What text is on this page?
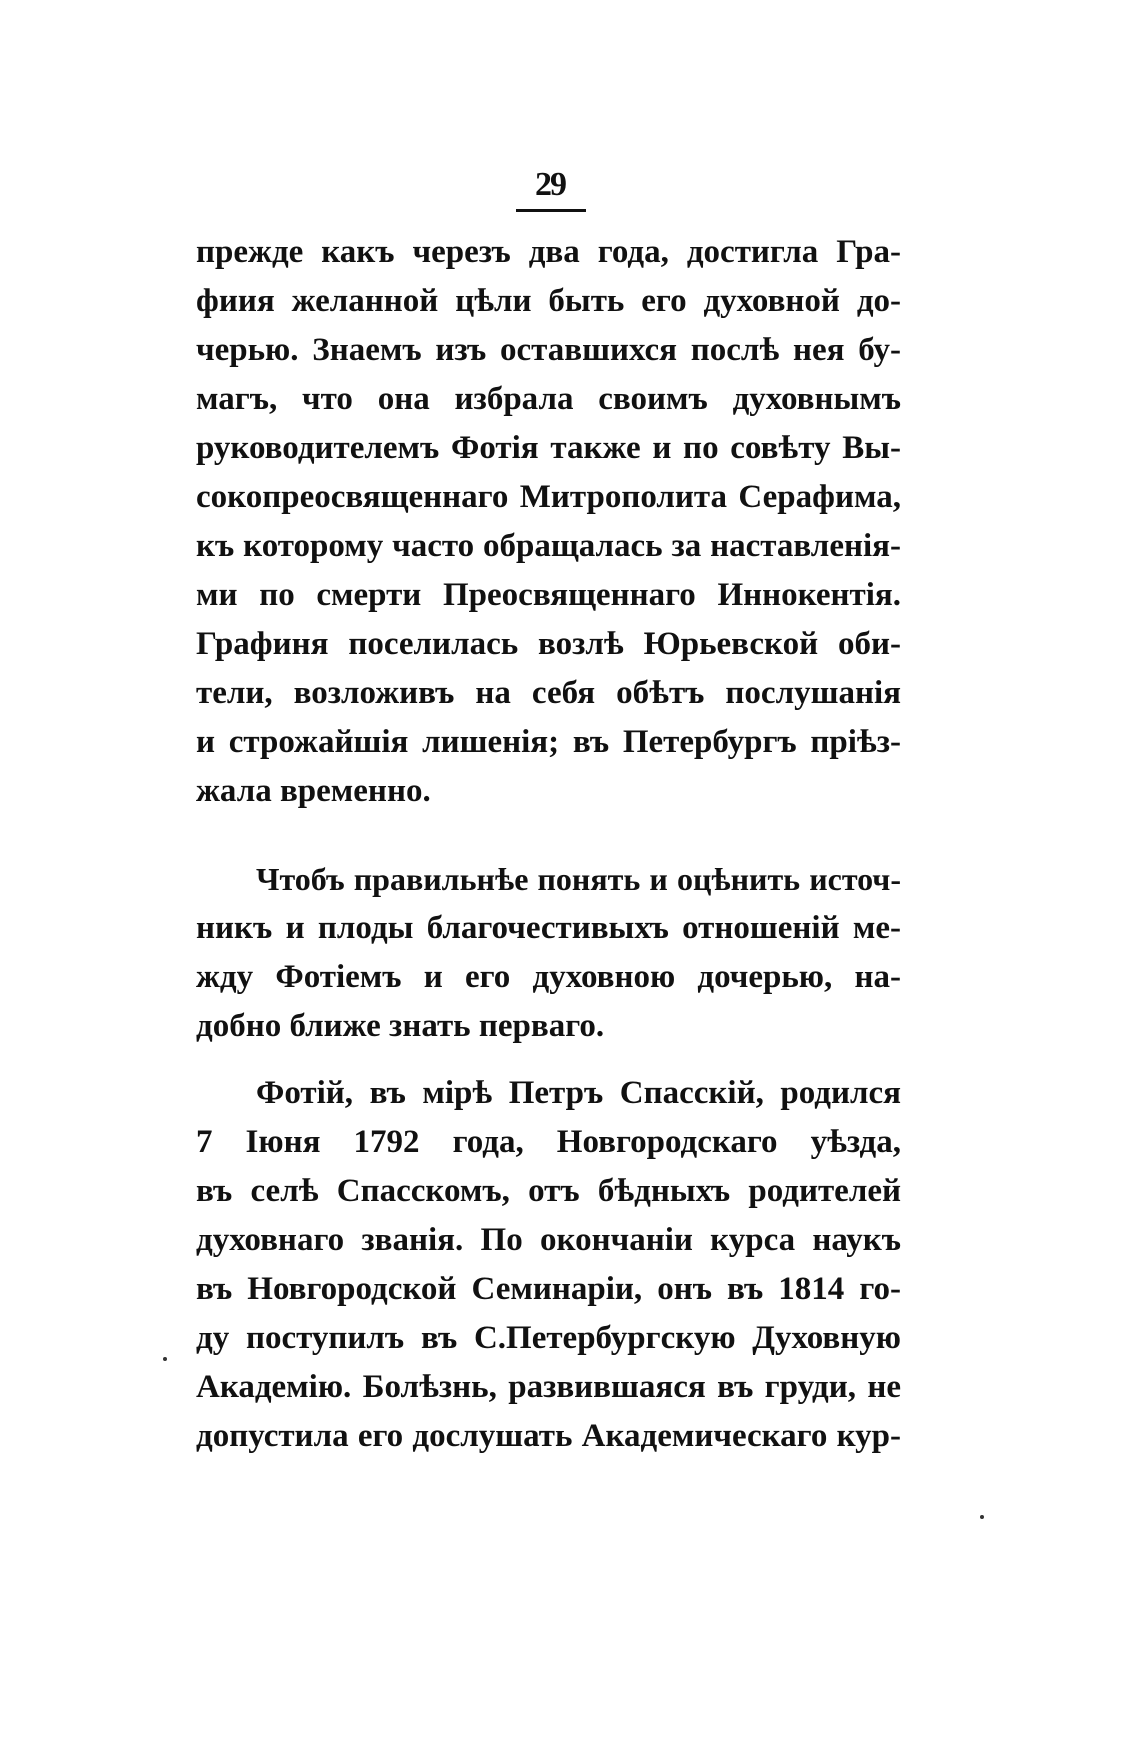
29
прежде какъ черезъ два года, достигла Гра-
фиия желанной цѣли быть его духовной до-
черью. Знаемъ изъ оставшихся послѣ нея бу-
магъ, что она избрала своимъ духовнымъ
руководителемъ Фотія также и по совѣту Вы-
сокопреосвященнаго Митрополита Серафима,
къ которому часто обращалась за наставленія-
ми по смерти Преосвященнаго Иннокентія.
Графиня поселилась возлѣ Юрьевской оби-
тели, возложивъ на себя обѣтъ послушанія
и строжайшія лишенія; въ Петербургъ пріѣз-
жала временно.
Чтобъ правильнѣе понять и оцѣнить источ-
никъ и плоды благочестивыхъ отношеній ме-
жду Фотіемъ и его духовною дочерью, на-
добно ближе знать перваго.
Фотій, въ мірѣ Петръ Спасскій, родился
7 Іюня 1792 года, Новгородскаго уѣзда,
въ селѣ Спасскомъ, отъ бѣдныхъ родителей
духовнаго званія. По окончаніи курса наукъ
въ Новгородской Семинаріи, онъ въ 1814 го-
ду поступилъ въ С.Петербургскую Духовную
Академію. Болѣзнь, развившаяся въ груди, не
допустила его дослушать Академическаго кур-
